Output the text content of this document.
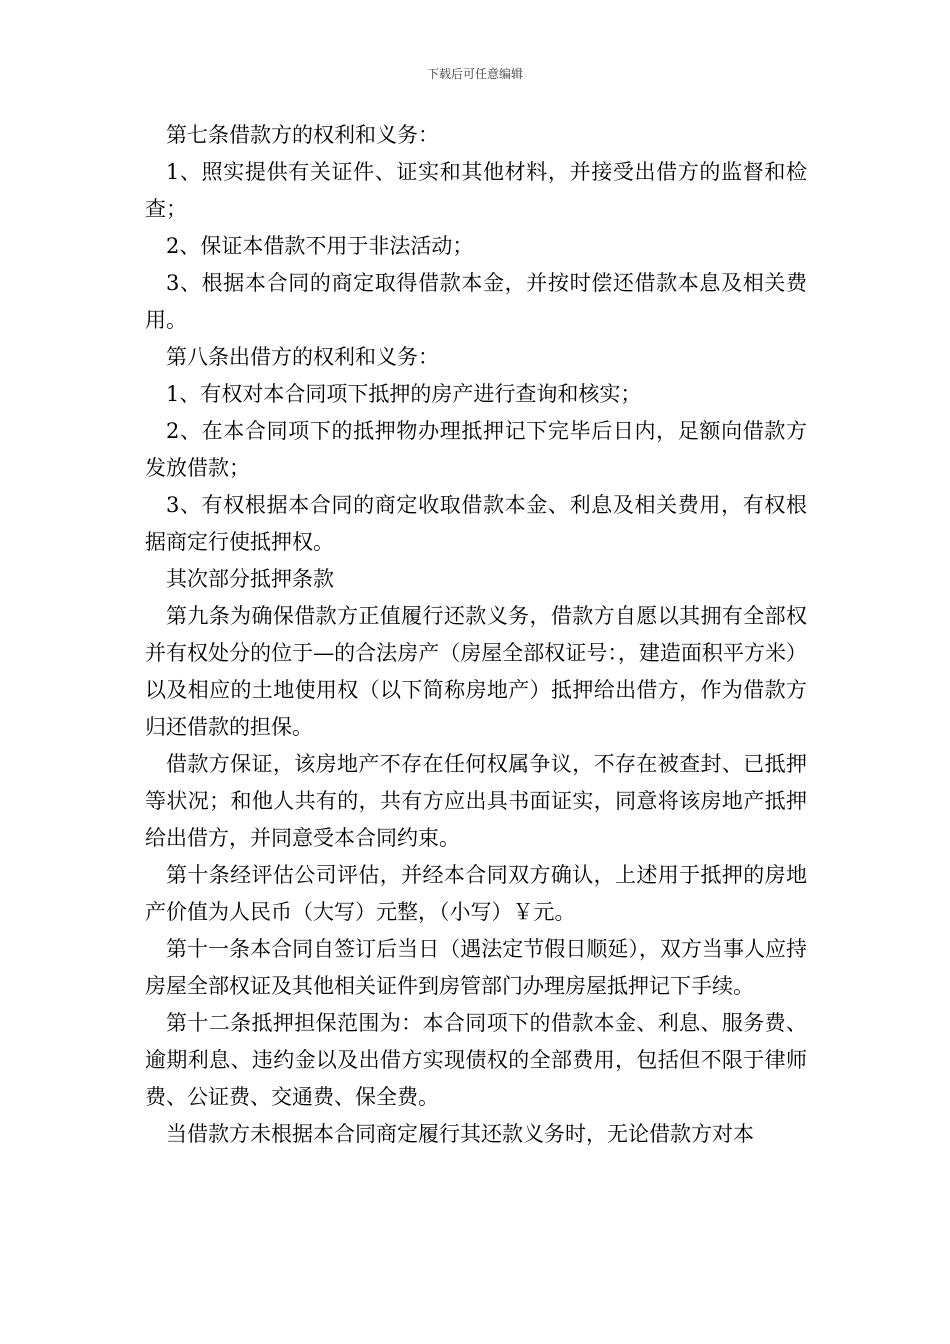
下载后可任意编辑

第七条借款方的权利和义务：

1、照实提供有关证件、证实和其他材料，并接受出借方的监督和检查；

2、保证本借款不用于非法活动；

3、根据本合同的商定取得借款本金，并按时偿还借款本息及相关费用。

第八条出借方的权利和义务：

1、有权对本合同项下抵押的房产进行查询和核实；

2、在本合同项下的抵押物办理抵押记下完毕后日内，足额向借款方发放借款；

3、有权根据本合同的商定收取借款本金、利息及相关费用，有权根据商定行使抵押权。

其次部分抵押条款

第九条为确保借款方正值履行还款义务，借款方自愿以其拥有全部权并有权处分的位于—的合法房产（房屋全部权证号：，建造面积平方米）以及相应的土地使用权（以下简称房地产）抵押给出借方，作为借款方归还借款的担保。

借款方保证，该房地产不存在任何权属争议，不存在被查封、已抵押等状况；和他人共有的，共有方应出具书面证实，同意将该房地产抵押给出借方，并同意受本合同约束。

第十条经评估公司评估，并经本合同双方确认，上述用于抵押的房地产价值为人民币（大写）元整，（小写）￥元。

第十一条本合同自签订后当日（遇法定节假日顺延），双方当事人应持房屋全部权证及其他相关证件到房管部门办理房屋抵押记下手续。

第十二条抵押担保范围为：本合同项下的借款本金、利息、服务费、逾期利息、违约金以及出借方实现债权的全部费用，包括但不限于律师费、公证费、交通费、保全费。

当借款方未根据本合同商定履行其还款义务时，无论借款方对本
